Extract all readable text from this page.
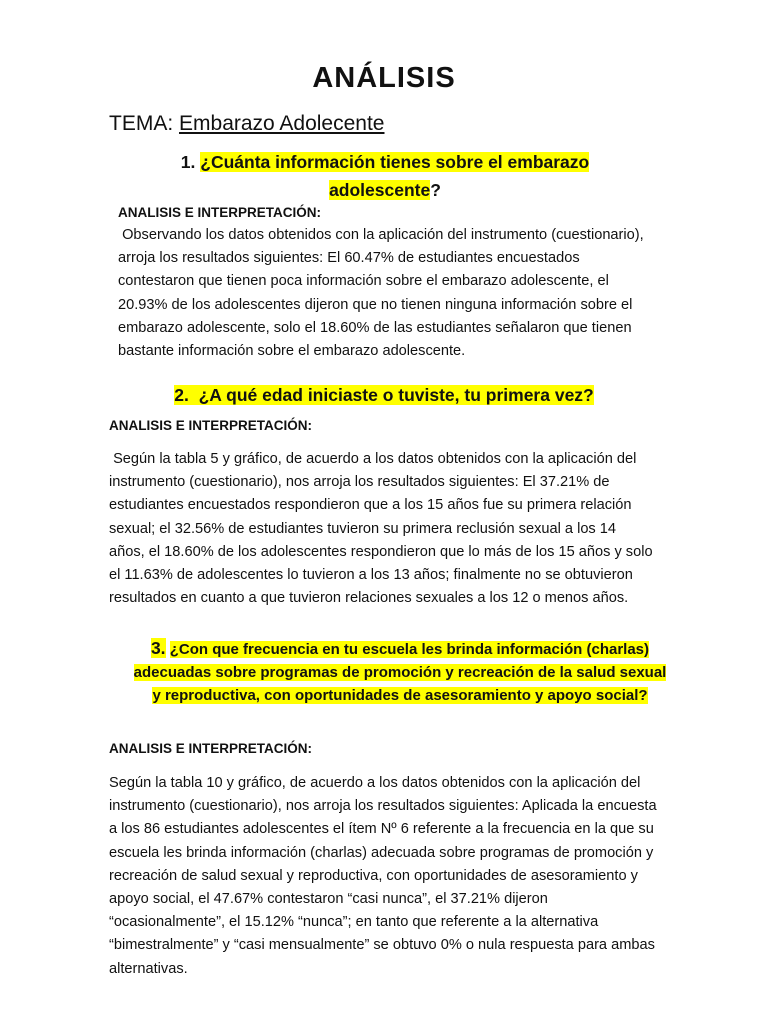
ANÁLISIS

TEMA: Embarazo Adolecente

1. ¿Cuánta información tienes sobre el embarazo adolescente?

ANALISIS E INTERPRETACIÓN:

Observando los datos obtenidos con la aplicación del instrumento (cuestionario), arroja los resultados siguientes: El 60.47% de estudiantes encuestados contestaron que tienen poca información sobre el embarazo adolescente, el 20.93% de los adolescentes dijeron que no tienen ninguna información sobre el embarazo adolescente, solo el 18.60% de las estudiantes señalaron que tienen bastante información sobre el embarazo adolescente.

2. ¿A qué edad iniciaste o tuviste, tu primera vez?

ANALISIS E INTERPRETACIÓN:

Según la tabla 5 y gráfico, de acuerdo a los datos obtenidos con la aplicación del instrumento (cuestionario), nos arroja los resultados siguientes: El 37.21% de estudiantes encuestados respondieron que a los 15 años fue su primera relación sexual; el 32.56% de estudiantes tuvieron su primera reclusión sexual a los 14 años, el 18.60% de los adolescentes respondieron que lo más de los 15 años y solo el 11.63% de adolescentes lo tuvieron a los 13 años; finalmente no se obtuvieron resultados en cuanto a que tuvieron relaciones sexuales a los 12 o menos años.

3. ¿Con que frecuencia en tu escuela les brinda información (charlas) adecuadas sobre programas de promoción y recreación de la salud sexual y reproductiva, con oportunidades de asesoramiento y apoyo social?

ANALISIS E INTERPRETACIÓN:

Según la tabla 10 y gráfico, de acuerdo a los datos obtenidos con la aplicación del instrumento (cuestionario), nos arroja los resultados siguientes: Aplicada la encuesta a los 86 estudiantes adolescentes el ítem Nº 6 referente a la frecuencia en la que su escuela les brinda información (charlas) adecuada sobre programas de promoción y recreación de salud sexual y reproductiva, con oportunidades de asesoramiento y apoyo social, el 47.67% contestaron “casi nunca”, el 37.21% dijeron “ocasionalmente”, el 15.12% “nunca”; en tanto que referente a la alternativa “bimestralmente” y “casi mensualmente” se obtuvo 0% o nula respuesta para ambas alternativas.
